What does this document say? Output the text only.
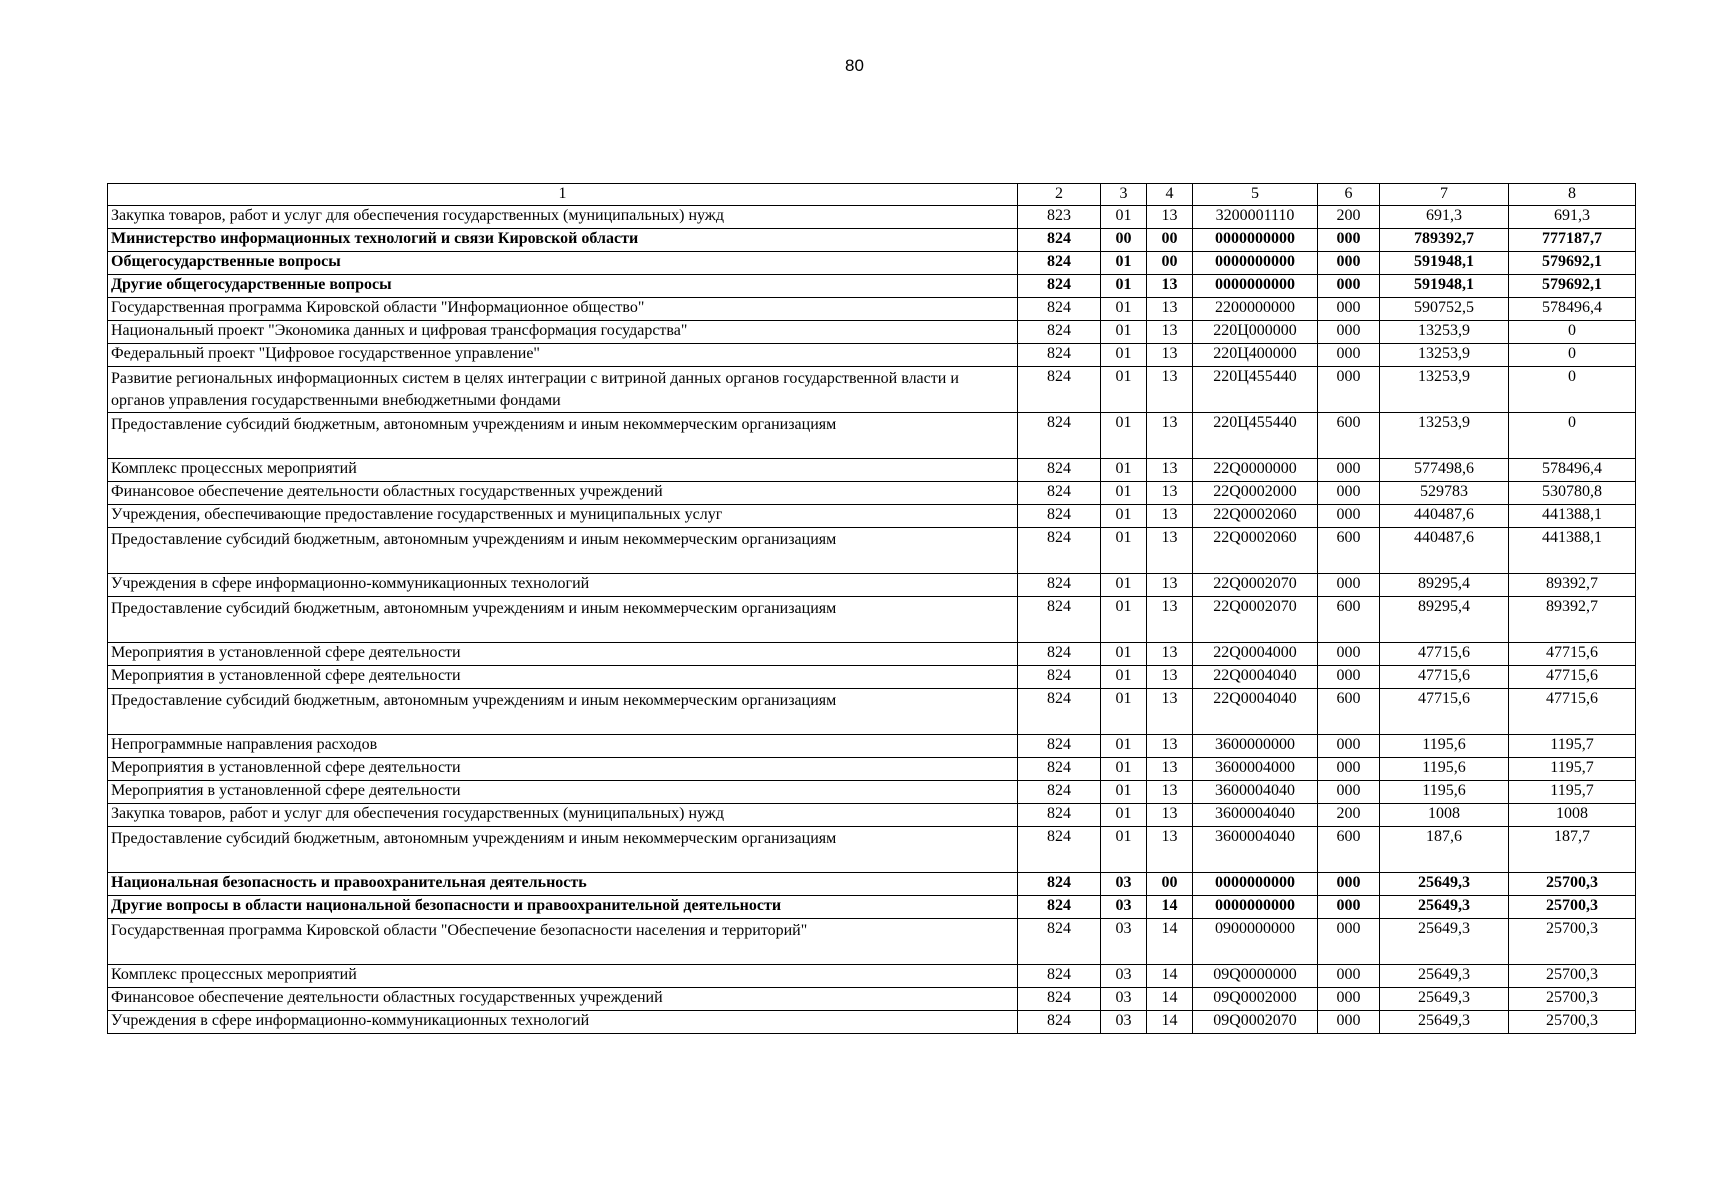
80
1	2	3	4	5	6	7	8
Закупка товаров, работ и услуг для обеспечения государственных (муниципальных) нужд	823	01	13	3200001110	200	691,3	691,3
Министерство информационных технологий и связи Кировской области	824	00	00	0000000000	000	789392,7	777187,7
Общегосударственные вопросы	824	01	00	0000000000	000	591948,1	579692,1
Другие общегосударственные вопросы	824	01	13	0000000000	000	591948,1	579692,1
Государственная программа Кировской области "Информационное общество"	824	01	13	2200000000	000	590752,5	578496,4
Национальный проект "Экономика данных и цифровая трансформация государства"	824	01	13	220Ц000000	000	13253,9	0
Федеральный проект "Цифровое государственное управление"	824	01	13	220Ц400000	000	13253,9	0
Развитие региональных информационных систем в целях интеграции с витриной данных органов государственной власти и органов управления государственными внебюджетными фондами	824	01	13	220Ц455440	000	13253,9	0
Предоставление субсидий бюджетным, автономным учреждениям и иным некоммерческим организациям	824	01	13	220Ц455440	600	13253,9	0
Комплекс процессных мероприятий	824	01	13	22Q0000000	000	577498,6	578496,4
Финансовое обеспечение деятельности областных государственных учреждений	824	01	13	22Q0002000	000	529783	530780,8
Учреждения, обеспечивающие предоставление государственных и муниципальных услуг	824	01	13	22Q0002060	000	440487,6	441388,1
Предоставление субсидий бюджетным, автономным учреждениям и иным некоммерческим организациям	824	01	13	22Q0002060	600	440487,6	441388,1
Учреждения в сфере информационно-коммуникационных технологий	824	01	13	22Q0002070	000	89295,4	89392,7
Предоставление субсидий бюджетным, автономным учреждениям и иным некоммерческим организациям	824	01	13	22Q0002070	600	89295,4	89392,7
Мероприятия в установленной сфере деятельности	824	01	13	22Q0004000	000	47715,6	47715,6
Мероприятия в установленной сфере деятельности	824	01	13	22Q0004040	000	47715,6	47715,6
Предоставление субсидий бюджетным, автономным учреждениям и иным некоммерческим организациям	824	01	13	22Q0004040	600	47715,6	47715,6
Непрограммные направления расходов	824	01	13	3600000000	000	1195,6	1195,7
Мероприятия в установленной сфере деятельности	824	01	13	3600004000	000	1195,6	1195,7
Мероприятия в установленной сфере деятельности	824	01	13	3600004040	000	1195,6	1195,7
Закупка товаров, работ и услуг для обеспечения государственных (муниципальных) нужд	824	01	13	3600004040	200	1008	1008
Предоставление субсидий бюджетным, автономным учреждениям и иным некоммерческим организациям	824	01	13	3600004040	600	187,6	187,7
Национальная безопасность и правоохранительная деятельность	824	03	00	0000000000	000	25649,3	25700,3
Другие вопросы в области национальной безопасности и правоохранительной деятельности	824	03	14	0000000000	000	25649,3	25700,3
Государственная программа Кировской области "Обеспечение безопасности населения и территорий"	824	03	14	0900000000	000	25649,3	25700,3
Комплекс процессных мероприятий	824	03	14	09Q0000000	000	25649,3	25700,3
Финансовое обеспечение деятельности областных государственных учреждений	824	03	14	09Q0002000	000	25649,3	25700,3
Учреждения в сфере информационно-коммуникационных технологий	824	03	14	09Q0002070	000	25649,3	25700,3
